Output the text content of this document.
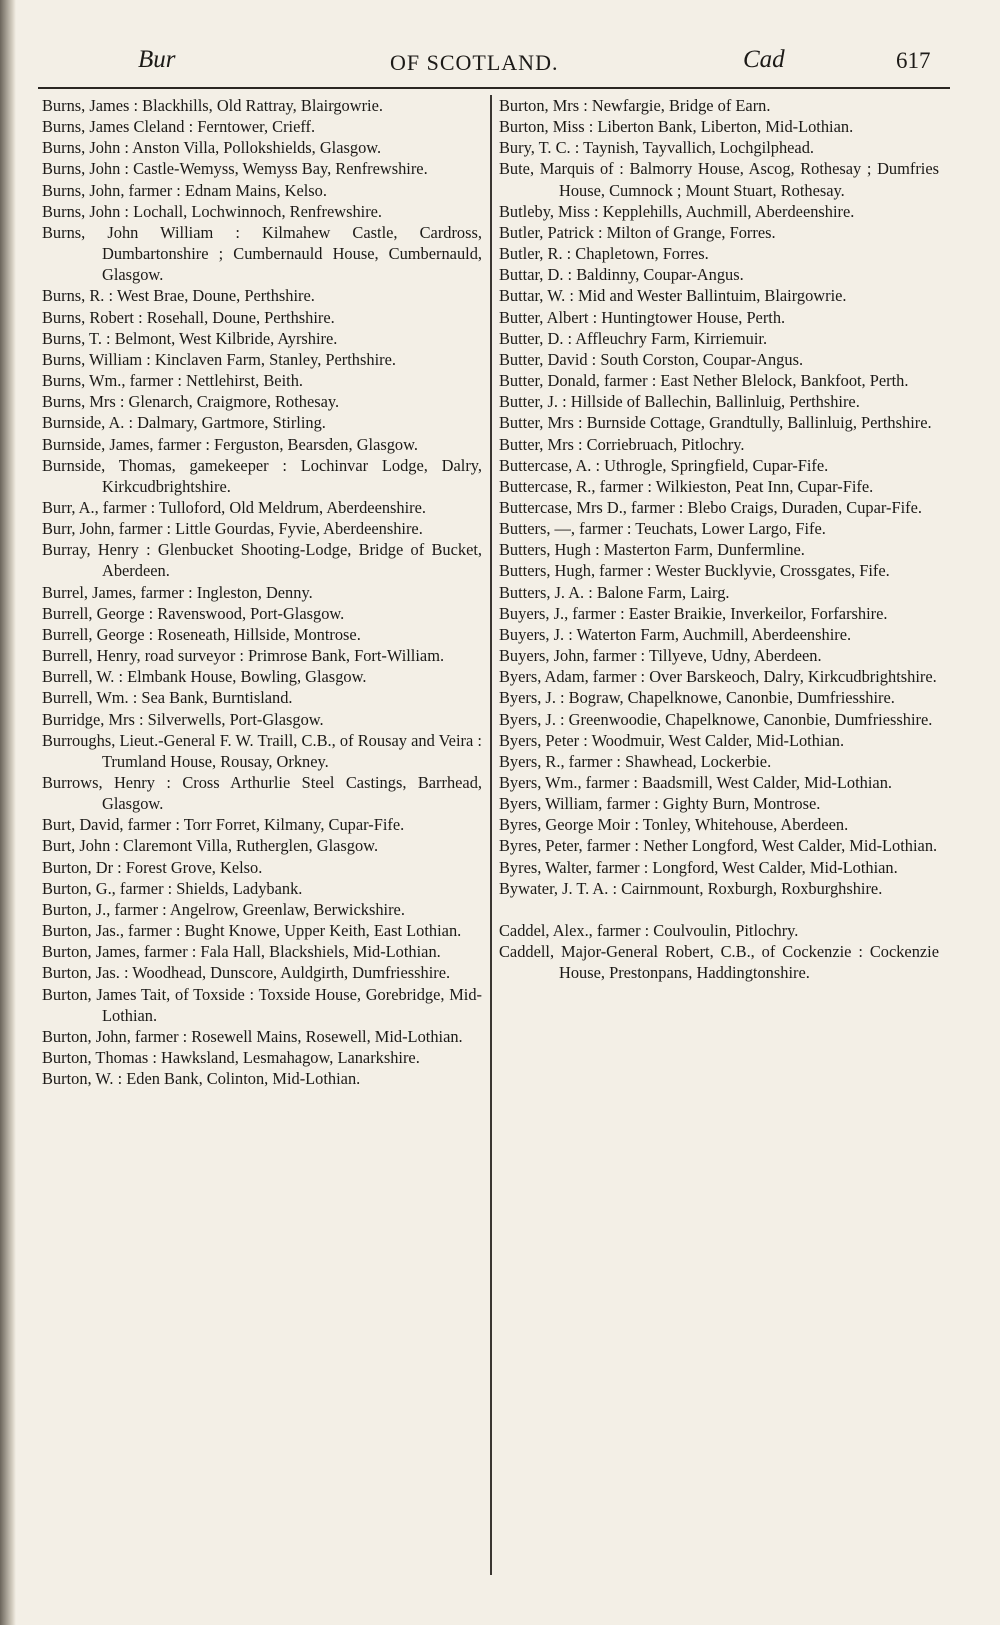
Bur	OF SCOTLAND.	Cad	617

Burns, James : Blackhills, Old Rattray, Blairgowrie.

Burns, James Cleland : Ferntower, Crieff.

Burns, John : Anston Villa, Pollokshields, Glasgow.

Burns, John : Castle-Wemyss, Wemyss Bay, Renfrewshire.

Burns, John, farmer : Ednam Mains, Kelso.

Burns, John : Lochall, Lochwinnoch, Renfrewshire.

Burns, John William : Kilmahew Castle, Cardross, Dumbartonshire ; Cumbernauld House, Cumbernauld, Glasgow.

Burns, R. : West Brae, Doune, Perthshire.

Burns, Robert : Rosehall, Doune, Perthshire.

Burns, T. : Belmont, West Kilbride, Ayrshire.

Burns, William : Kinclaven Farm, Stanley, Perthshire.

Burns, Wm., farmer : Nettlehirst, Beith.

Burns, Mrs : Glenarch, Craigmore, Rothesay.

Burnside, A. : Dalmary, Gartmore, Stirling.

Burnside, James, farmer : Ferguston, Bearsden, Glasgow.

Burnside, Thomas, gamekeeper : Lochinvar Lodge, Dalry, Kirkcudbrightshire.

Burr, A., farmer : Tulloford, Old Meldrum, Aberdeenshire.

Burr, John, farmer : Little Gourdas, Fyvie, Aberdeenshire.

Burray, Henry : Glenbucket Shooting-Lodge, Bridge of Bucket, Aberdeen.

Burrel, James, farmer : Ingleston, Denny.

Burrell, George : Ravenswood, Port-Glasgow.

Burrell, George : Roseneath, Hillside, Montrose.

Burrell, Henry, road surveyor : Primrose Bank, Fort-William.

Burrell, W. : Elmbank House, Bowling, Glasgow.

Burrell, Wm. : Sea Bank, Burntisland.

Burridge, Mrs : Silverwells, Port-Glasgow.

Burroughs, Lieut.-General F. W. Traill, C.B., of Rousay and Veira : Trumland House, Rousay, Orkney.

Burrows, Henry : Cross Arthurlie Steel Castings, Barrhead, Glasgow.

Burt, David, farmer : Torr Forret, Kilmany, Cupar-Fife.

Burt, John : Claremont Villa, Rutherglen, Glasgow.

Burton, Dr : Forest Grove, Kelso.

Burton, G., farmer : Shields, Ladybank.

Burton, J., farmer : Angelrow, Greenlaw, Berwickshire.

Burton, Jas., farmer : Bught Knowe, Upper Keith, East Lothian.

Burton, James, farmer : Fala Hall, Blackshiels, Mid-Lothian.

Burton, Jas. : Woodhead, Dunscore, Auldgirth, Dumfriesshire.

Burton, James Tait, of Toxside : Toxside House, Gorebridge, Mid-Lothian.

Burton, John, farmer : Rosewell Mains, Rosewell, Mid-Lothian.

Burton, Thomas : Hawksland, Lesmahagow, Lanarkshire.

Burton, W. : Eden Bank, Colinton, Mid-Lothian.

Burton, Mrs : Newfargie, Bridge of Earn.

Burton, Miss : Liberton Bank, Liberton, Mid-Lothian.

Bury, T. C. : Taynish, Tayvallich, Lochgilphead.

Bute, Marquis of : Balmorry House, Ascog, Rothesay ; Dumfries House, Cumnock ; Mount Stuart, Rothesay.

Butleby, Miss : Kepplehills, Auchmill, Aberdeenshire.

Butler, Patrick : Milton of Grange, Forres.

Butler, R. : Chapletown, Forres.

Buttar, D. : Baldinny, Coupar-Angus.

Buttar, W. : Mid and Wester Ballintuim, Blairgowrie.

Butter, Albert : Huntingtower House, Perth.

Butter, D. : Affleuchry Farm, Kirriemuir.

Butter, David : South Corston, Coupar-Angus.

Butter, Donald, farmer : East Nether Blelock, Bankfoot, Perth.

Butter, J. : Hillside of Ballechin, Ballinluig, Perthshire.

Butter, Mrs : Burnside Cottage, Grandtully, Ballinluig, Perthshire.

Butter, Mrs : Corriebruach, Pitlochry.

Buttercase, A. : Uthrogle, Springfield, Cupar-Fife.

Buttercase, R., farmer : Wilkieston, Peat Inn, Cupar-Fife.

Buttercase, Mrs D., farmer : Blebo Craigs, Duraden, Cupar-Fife.

Butters, —, farmer : Teuchats, Lower Largo, Fife.

Butters, Hugh : Masterton Farm, Dunfermline.

Butters, Hugh, farmer : Wester Bucklyvie, Crossgates, Fife.

Butters, J. A. : Balone Farm, Lairg.

Buyers, J., farmer : Easter Braikie, Inverkeilor, Forfarshire.

Buyers, J. : Waterton Farm, Auchmill, Aberdeenshire.

Buyers, John, farmer : Tillyeve, Udny, Aberdeen.

Byers, Adam, farmer : Over Barskeoch, Dalry, Kirkcudbrightshire.

Byers, J. : Bograw, Chapelknowe, Canonbie, Dumfriesshire.

Byers, J. : Greenwoodie, Chapelknowe, Canonbie, Dumfriesshire.

Byers, Peter : Woodmuir, West Calder, Mid-Lothian.

Byers, R., farmer : Shawhead, Lockerbie.

Byers, Wm., farmer : Baadsmill, West Calder, Mid-Lothian.

Byers, William, farmer : Gighty Burn, Montrose.

Byres, George Moir : Tonley, Whitehouse, Aberdeen.

Byres, Peter, farmer : Nether Longford, West Calder, Mid-Lothian.

Byres, Walter, farmer : Longford, West Calder, Mid-Lothian.

Bywater, J. T. A. : Cairnmount, Roxburgh, Roxburghshire.

Caddel, Alex., farmer : Coulvoulin, Pitlochry.

Caddell, Major-General Robert, C.B., of Cockenzie : Cockenzie House, Prestonpans, Haddingtonshire.
